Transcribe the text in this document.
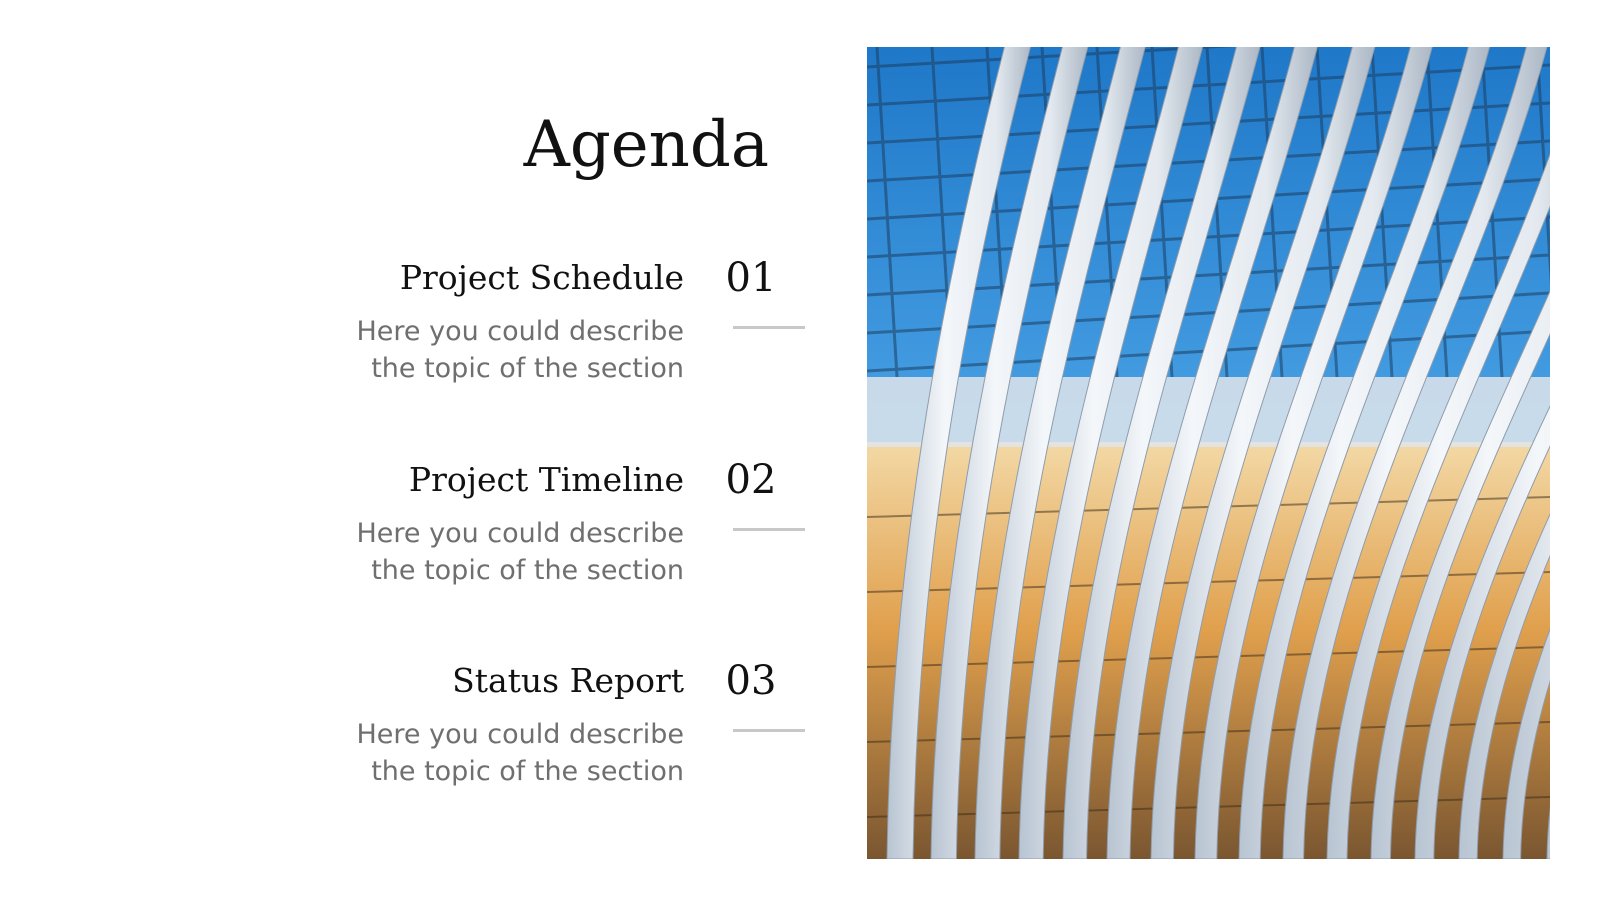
Agenda
Project Schedule	01
Here you could describe
the topic of the section
Project Timeline	02
Here you could describe
the topic of the section
Status Report	03
Here you could describe
the topic of the section
